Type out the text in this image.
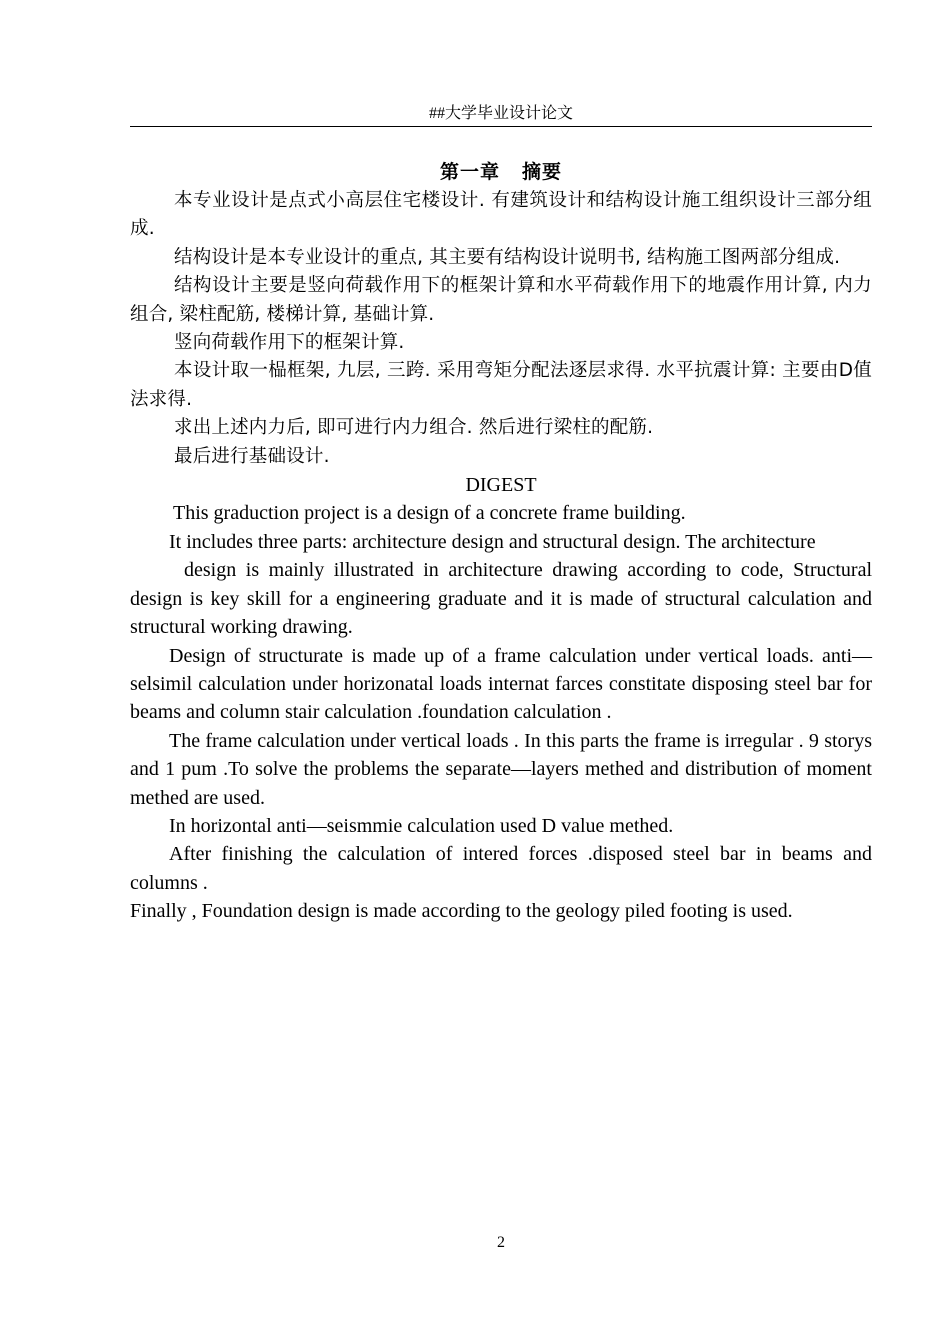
##大学毕业设计论文
第一章 摘要

本专业设计是点式小高层住宅楼设计. 有建筑设计和结构设计施工组织设计三部分组成.

结构设计是本专业设计的重点, 其主要有结构设计说明书, 结构施工图两部分组成.

结构设计主要是竖向荷载作用下的框架计算和水平荷载作用下的地震作用计算, 内力组合, 梁柱配筋, 楼梯计算, 基础计算.

竖向荷载作用下的框架计算.

本设计取一榀框架, 九层, 三跨. 采用弯矩分配法逐层求得. 水平抗震计算: 主要由D值法求得.

求出上述内力后, 即可进行内力组合. 然后进行梁柱的配筋.

最后进行基础设计.

DIGEST

This graduction project is a design of a concrete frame building.

It includes three parts: architecture design and structural design. The architecture

design is mainly illustrated in architecture drawing according to code, Structural design is key skill for a engineering graduate and it is made of structural calculation and structural working drawing.

Design of structurate is made up of a frame calculation under vertical loads. anti—selsimil calculation under horizonatal loads internat farces constitate disposing steel bar for beams and column stair calculation .foundation calculation .

The frame calculation under vertical loads . In this parts the frame is irregular . 9 storys and 1 pum .To solve the problems the separate—layers methed and distribution of moment methed are used.

In horizontal anti—seismmie calculation used D value methed.

After finishing the calculation of intered forces .disposed steel bar in beams and columns .

Finally , Foundation design is made according to the geology piled footing is used.

2
